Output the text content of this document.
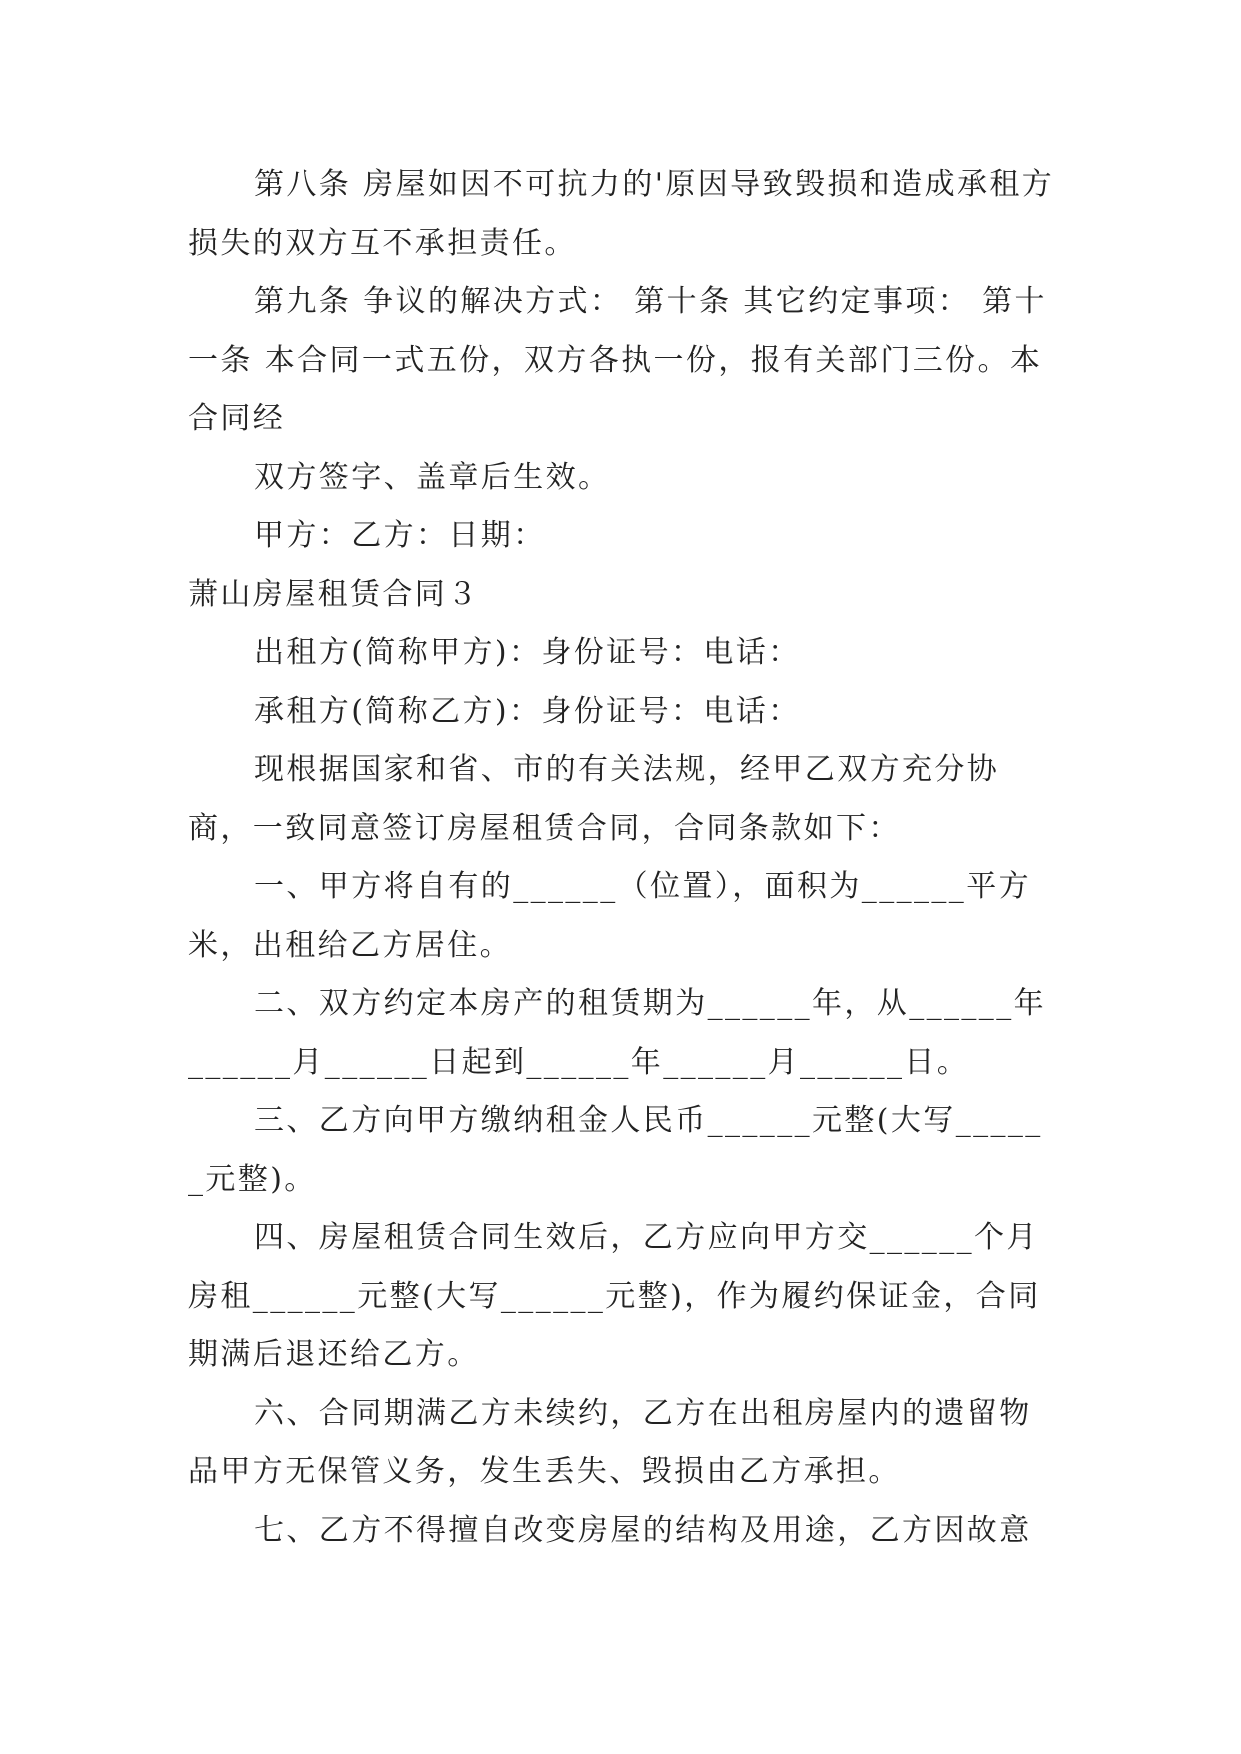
第八条 房屋如因不可抗力的'原因导致毁损和造成承租方损失的双方互不承担责任。

第九条 争议的解决方式： 第十条 其它约定事项： 第十一条 本合同一式五份，双方各执一份，报有关部门三份。本合同经

双方签字、盖章后生效。

甲方：乙方：日期：

萧山房屋租赁合同３

出租方(简称甲方)：身份证号：电话：

承租方(简称乙方)：身份证号：电话：

现根据国家和省、市的有关法规，经甲乙双方充分协商，一致同意签订房屋租赁合同，合同条款如下：

一、甲方将自有的______（位置），面积为______平方米，出租给乙方居住。

二、双方约定本房产的租赁期为______年，从______年______月______日起到______年______月______日。

三、乙方向甲方缴纳租金人民币______元整(大写______元整)。

四、房屋租赁合同生效后，乙方应向甲方交______个月房租______元整(大写______元整)，作为履约保证金，合同期满后退还给乙方。

六、合同期满乙方未续约，乙方在出租房屋内的遗留物品甲方无保管义务，发生丢失、毁损由乙方承担。

七、乙方不得擅自改变房屋的结构及用途，乙方因故意
